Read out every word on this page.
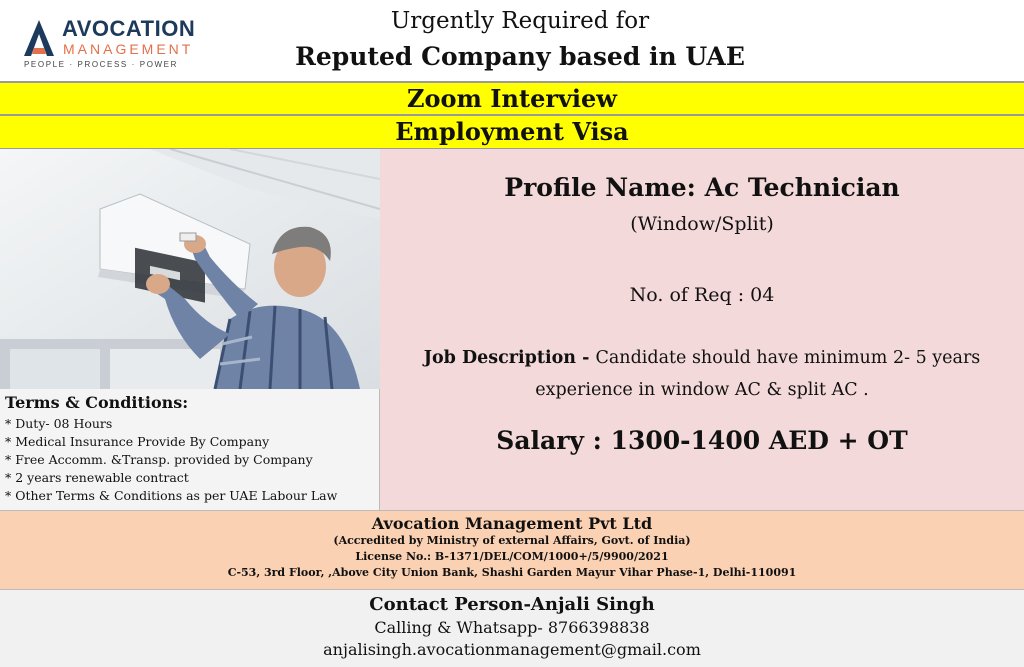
AVOCATION
MANAGEMENT
PEOPLE · PROCESS · POWER
Urgently Required for
Reputed Company based in UAE
Zoom Interview
Employment Visa
Terms & Conditions:
* Duty- 08 Hours
* Medical Insurance Provide By Company
* Free Accomm. &Transp. provided by Company
* 2 years renewable contract
* Other Terms & Conditions as per UAE Labour Law
Profile Name: Ac Technician
(Window/Split)
No. of Req : 04
Job Description - Candidate should have minimum 2- 5 years experience in window AC & split AC .
Salary : 1300-1400 AED + OT
Avocation Management Pvt Ltd
(Accredited by Ministry of external Affairs, Govt. of India)
License No.: B-1371/DEL/COM/1000+/5/9900/2021
C-53, 3rd Floor, ,Above City Union Bank, Shashi Garden Mayur Vihar Phase-1, Delhi-110091
Contact Person-Anjali Singh
Calling & Whatsapp- 8766398838
anjalisingh.avocationmanagement@gmail.com
